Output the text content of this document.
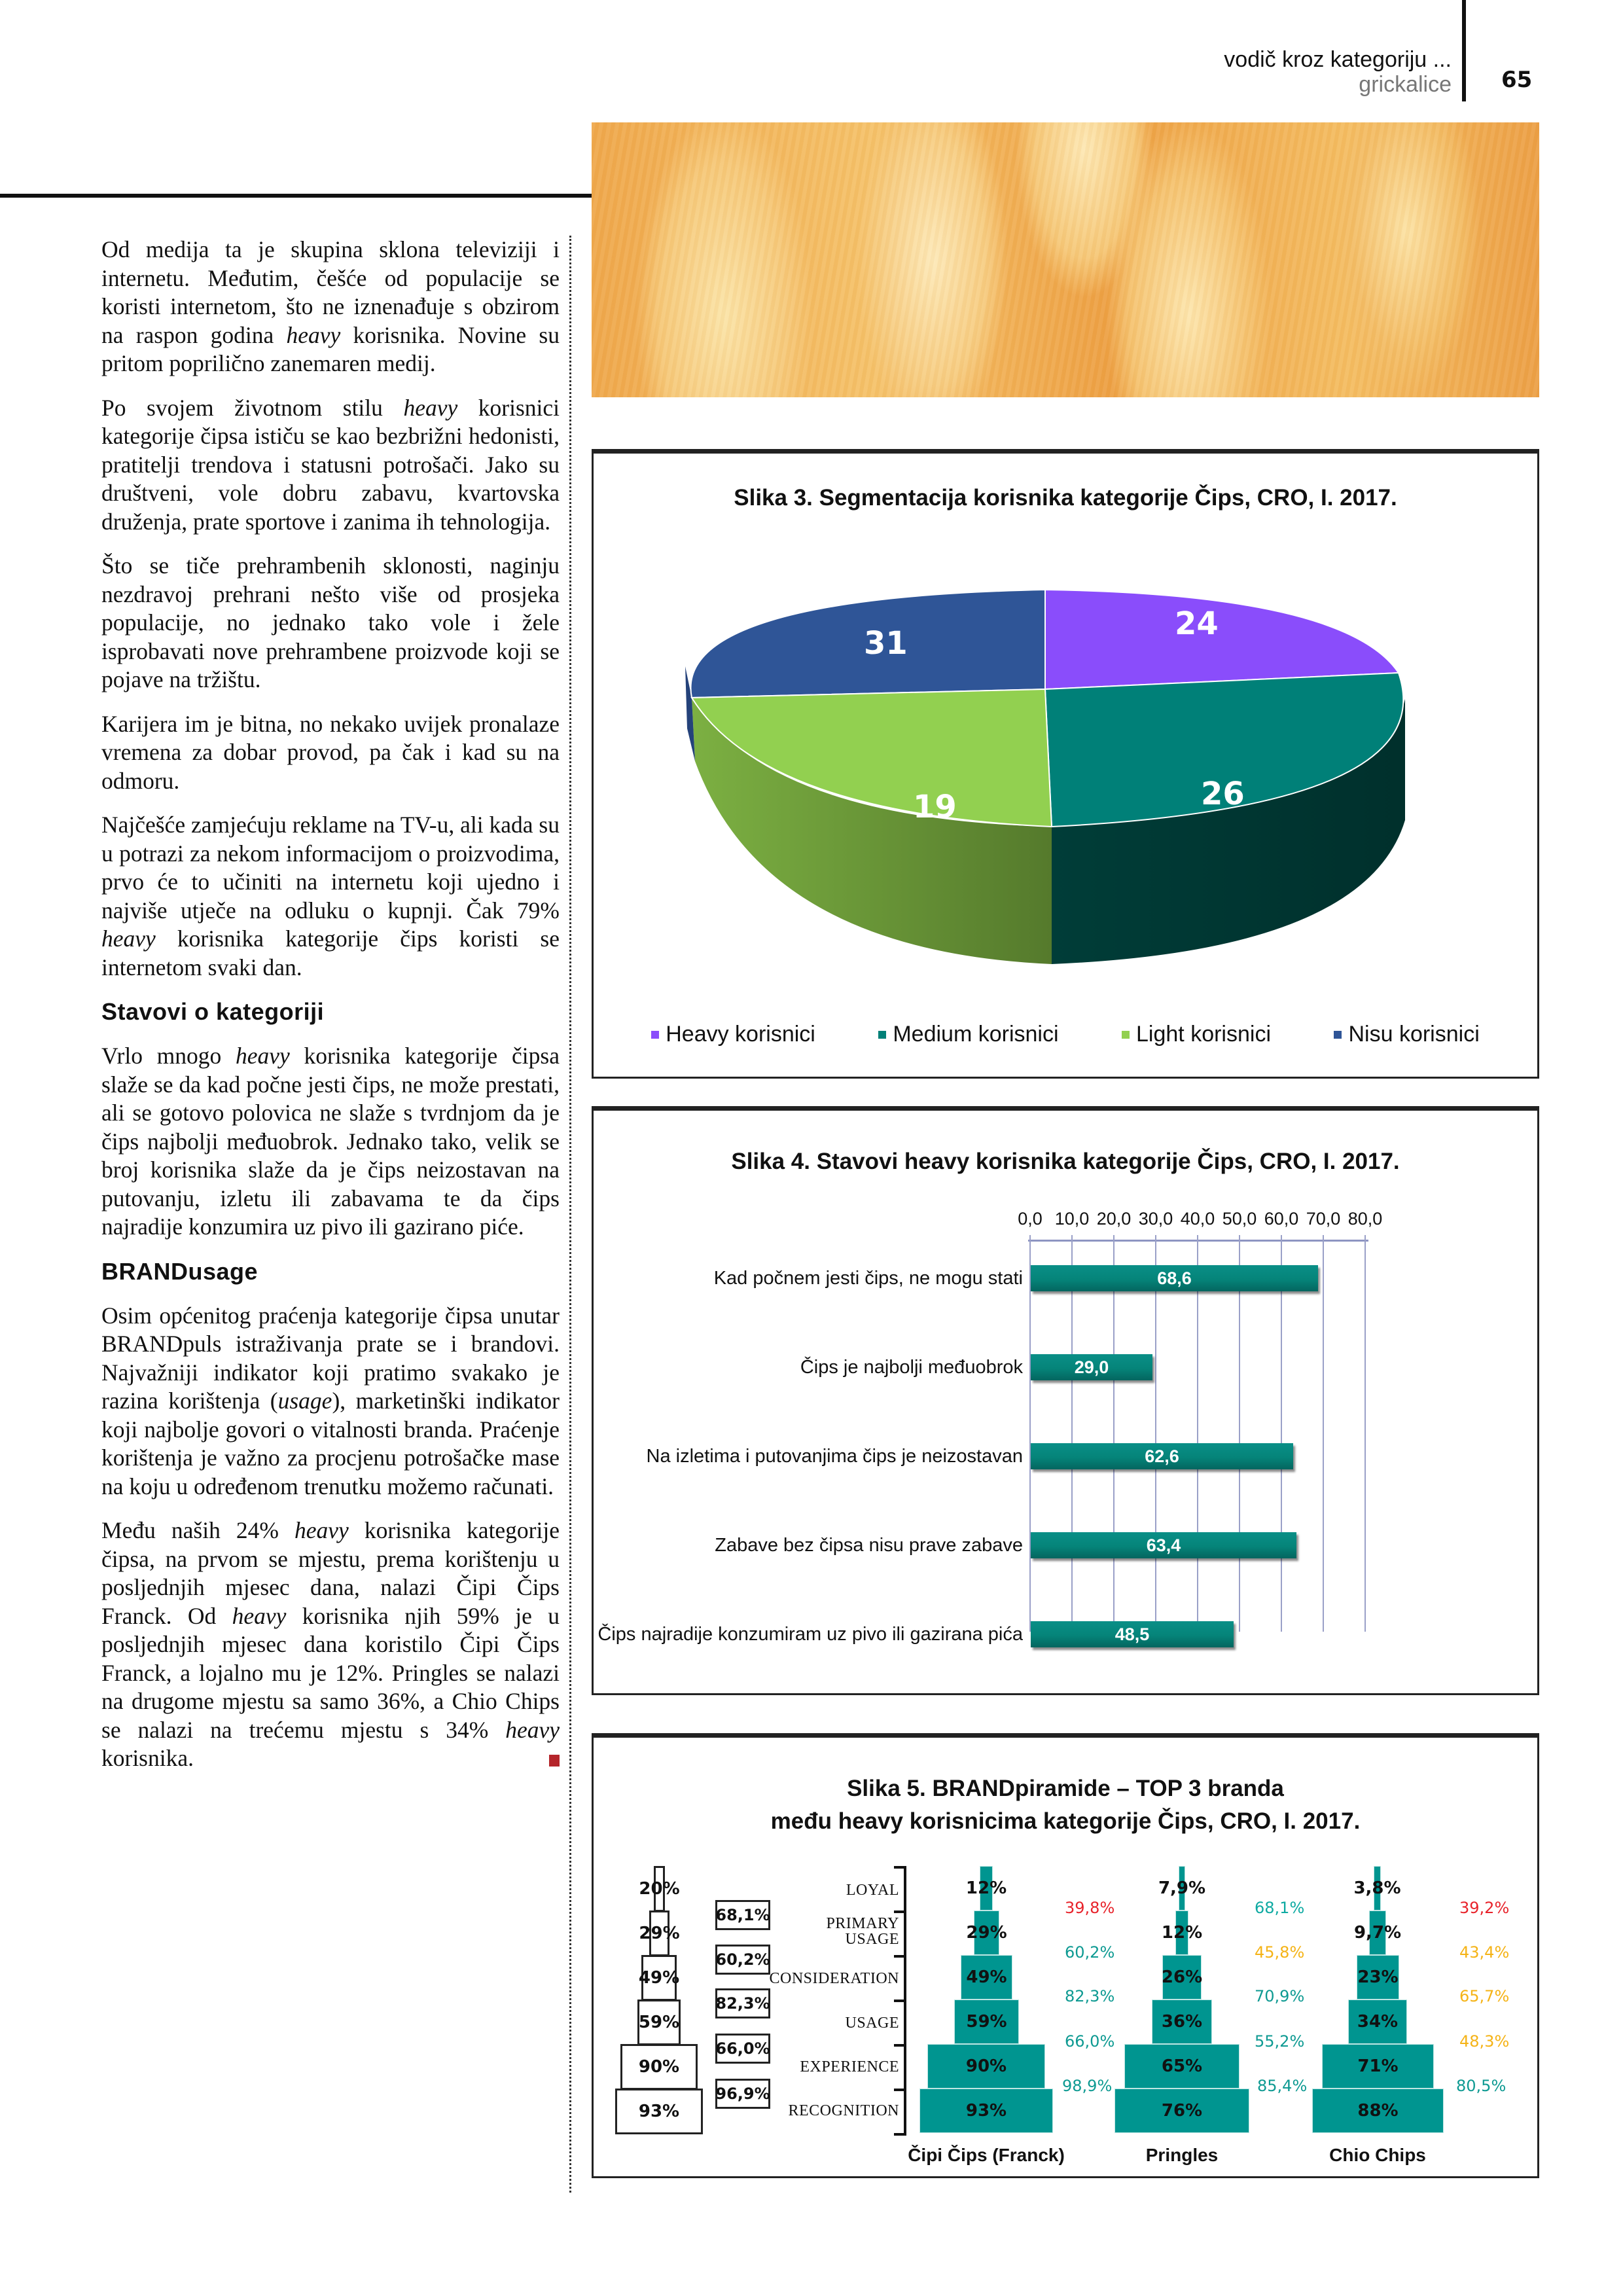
vodič kroz kategoriju ...
grickalice 65

Od medija ta je skupina sklona televiziji i internetu. Međutim, češće od populacije se koristi internetom, što ne iznenađuje s obzirom na raspon godina heavy korisnika. Novine su pritom poprilično zanemaren medij.

Po svojem životnom stilu heavy korisnici kategorije čipsa ističu se kao bezbrižni hedonisti, pratitelji trendova i statusni potrošači. Jako su društveni, vole dobru zabavu, kvartovska druženja, prate sportove i zanima ih tehnologija.

Što se tiče prehrambenih sklonosti, naginju nezdravoj prehrani nešto više od prosjeka populacije, no jednako tako vole i žele isprobavati nove prehrambene proizvode koji se pojave na tržištu.

Karijera im je bitna, no nekako uvijek pronalaze vremena za dobar provod, pa čak i kad su na odmoru.

Najčešće zamjećuju reklame na TV-u, ali kada su u potrazi za nekom informacijom o proizvodima, prvo će to učiniti na internetu koji ujedno i najviše utječe na odluku o kupnji. Čak 79% heavy korisnika kategorije čips koristi se internetom svaki dan.

Stavovi o kategoriji

Vrlo mnogo heavy korisnika kategorije čipsa slaže se da kad počne jesti čips, ne može prestati, ali se gotovo polovica ne slaže s tvrdnjom da je čips najbolji međuobrok. Jednako tako, velik se broj korisnika slaže da je čips neizostavan na putovanju, izletu ili zabavama te da čips najradije konzumira uz pivo ili gazirano piće.

BRANDusage

Osim općenitog praćenja kategorije čipsa unutar BRANDpuls istraživanja prate se i brandovi. Najvažniji indikator koji pratimo svakako je razina korištenja (usage), marketinški indikator koji najbolje govori o vitalnosti branda. Praćenje korištenja je važno za procjenu potrošačke mase na koju u određenom trenutku možemo računati.

Među naših 24% heavy korisnika kategorije čipsa, na prvom se mjestu, prema korištenju u posljednjih mjesec dana, nalazi Čipi Čips Franck. Od heavy korisnika njih 59% je u posljednjih mjesec dana koristilo Čipi Čips Franck, a lojalno mu je 12%. Pringles se nalazi na drugome mjestu sa samo 36%, a Chio Chips se nalazi na trećemu mjestu s 34% heavy korisnika.

Slika 3. Segmentacija korisnika kategorije Čips, CRO, I. 2017.
31
24
19	26
Heavy korisnici	Medium korisnici	Light korisnici	Nisu korisnici
Slika 4. Stavovi heavy korisnika kategorije Čips, CRO, I. 2017.
0,0 10,0 20,0 30,0 40,0 50,0 60,0 70,0 80,0
Kad počnem jesti čips, ne mogu stati
Čips je najbolji međuobrok
Na izletima i putovanjima čips je neizostavan
Zabave bez čipsa nisu prave zabave
Čips najradije konzumiram uz pivo ili gazirana pića
68,6
29,0
62,6
63,4
48,5
Slika 5. BRANDpiramide – TOP 3 branda
među heavy korisnicima kategorije Čips, CRO, I. 2017.
20%
29%
49%
59%
90%
93%
68,1%
60,2%
82,3%
66,0%
96,9%
LOYAL
PRIMARY
USAGE
CONSIDERATION
USAGE
EXPERIENCE
RECOGNITION
12%
29%
49%
59%
90%
93%
39,8%
60,2%
82,3%
66,0%
98,9%
Čipi Čips (Franck)
7,9%
12%
26%
36%
65%
76%
68,1%
45,8%
70,9%
55,2%
85,4%
Pringles
3,8%
9,7%
23%
34%
71%
88%
39,2%
43,4%
65,7%
48,3%
80,5%
Chio Chips
